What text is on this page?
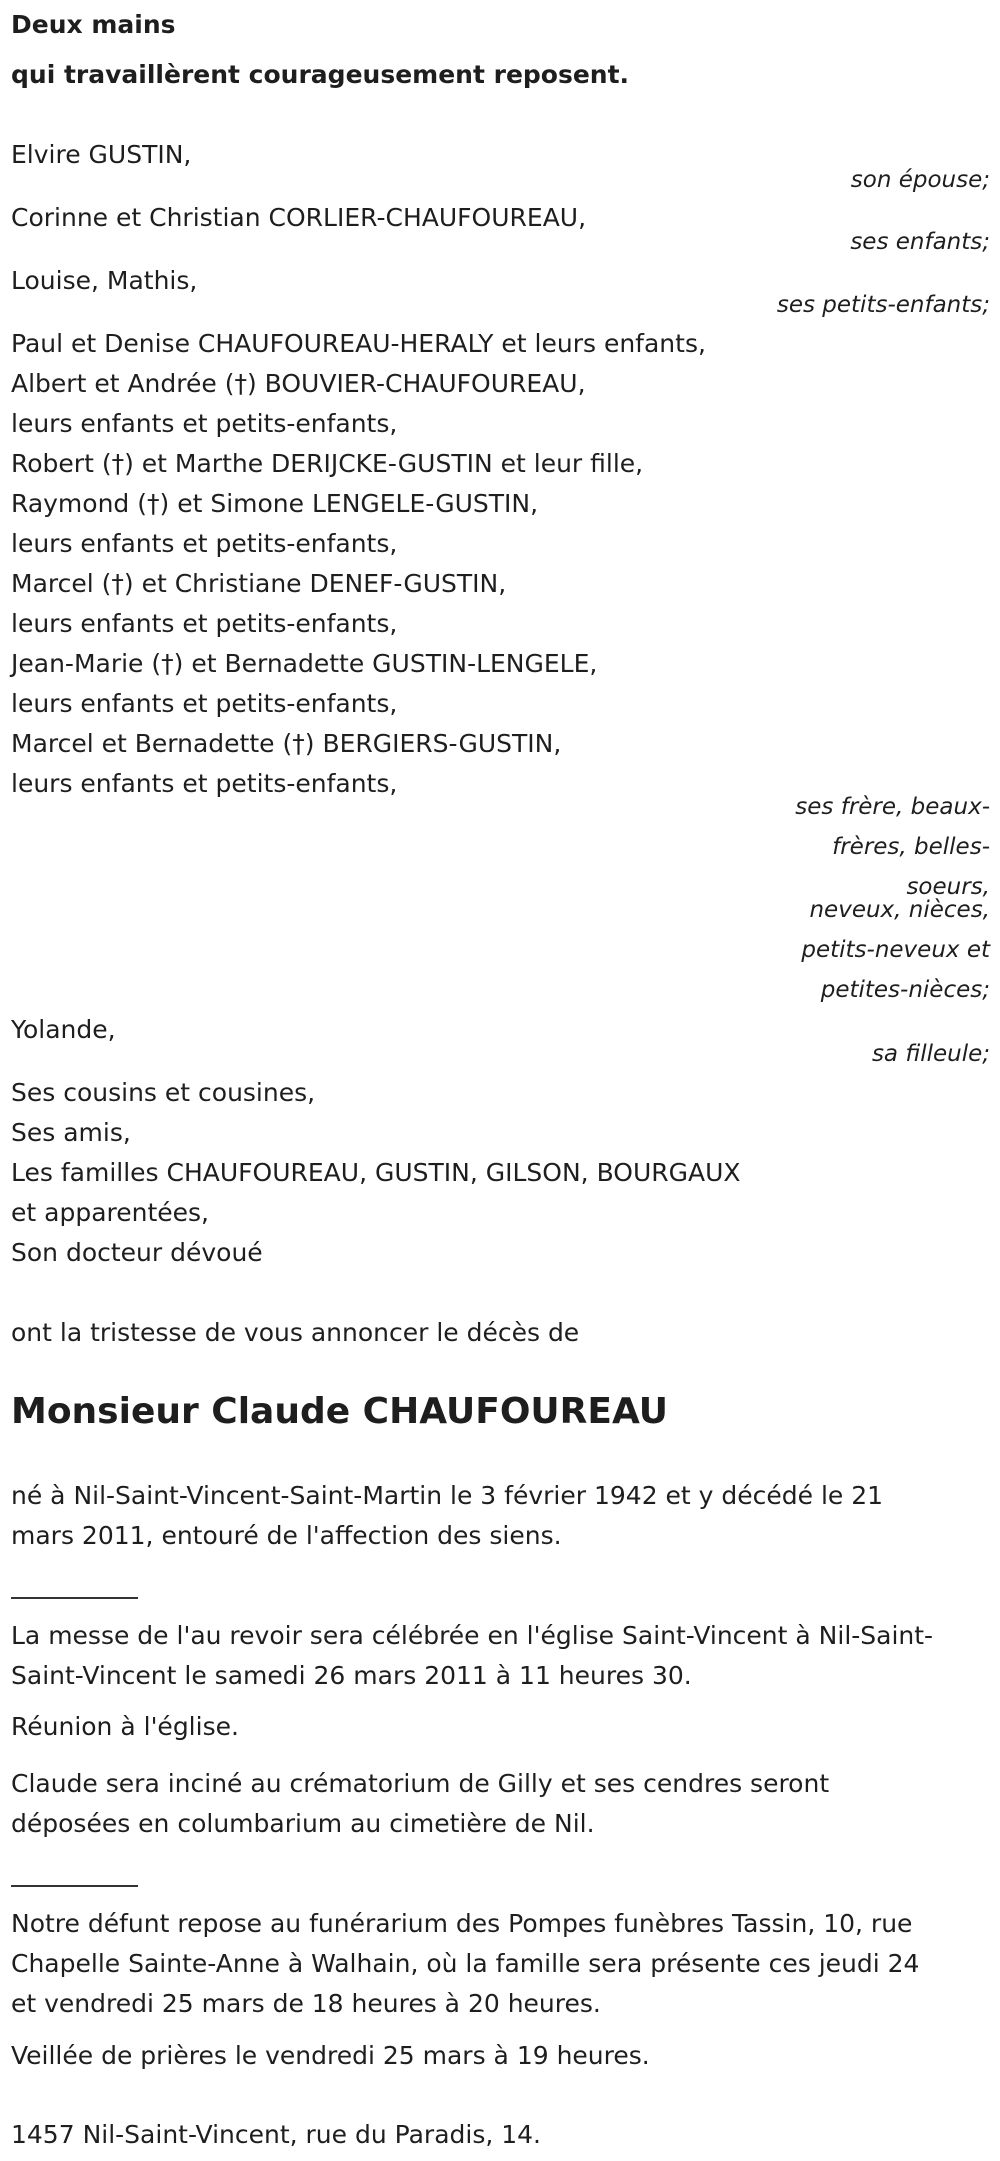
Deux mains
qui travaillèrent courageusement reposent.
Elvire GUSTIN,
son épouse;
Corinne et Christian CORLIER-CHAUFOUREAU,
ses enfants;
Louise, Mathis,
ses petits-enfants;
Paul et Denise CHAUFOUREAU-HERALY et leurs enfants,
Albert et Andrée (†) BOUVIER-CHAUFOUREAU,
leurs enfants et petits-enfants,
Robert (†) et Marthe DERIJCKE-GUSTIN et leur fille,
Raymond (†) et Simone LENGELE-GUSTIN,
leurs enfants et petits-enfants,
Marcel (†) et Christiane DENEF-GUSTIN,
leurs enfants et petits-enfants,
Jean-Marie (†) et Bernadette GUSTIN-LENGELE,
leurs enfants et petits-enfants,
Marcel et Bernadette (†) BERGIERS-GUSTIN,
leurs enfants et petits-enfants,
ses frère, beaux-
frères, belles-
soeurs,
neveux, nièces,
petits-neveux et
petites-nièces;
Yolande,
sa filleule;
Ses cousins et cousines,
Ses amis,
Les familles CHAUFOUREAU, GUSTIN, GILSON, BOURGAUX
et apparentées,
Son docteur dévoué
ont la tristesse de vous annoncer le décès de
Monsieur Claude CHAUFOUREAU
né à Nil-Saint-Vincent-Saint-Martin le 3 février 1942 et y décédé le 21
mars 2011, entouré de l'affection des siens.
La messe de l'au revoir sera célébrée en l'église Saint-Vincent à Nil-Saint-
Saint-Vincent le samedi 26 mars 2011 à 11 heures 30.
Réunion à l'église.
Claude sera inciné au crématorium de Gilly et ses cendres seront
déposées en columbarium au cimetière de Nil.
Notre défunt repose au funérarium des Pompes funèbres Tassin, 10, rue
Chapelle Sainte-Anne à Walhain, où la famille sera présente ces jeudi 24
et vendredi 25 mars de 18 heures à 20 heures.
Veillée de prières le vendredi 25 mars à 19 heures.
1457 Nil-Saint-Vincent, rue du Paradis, 14.
